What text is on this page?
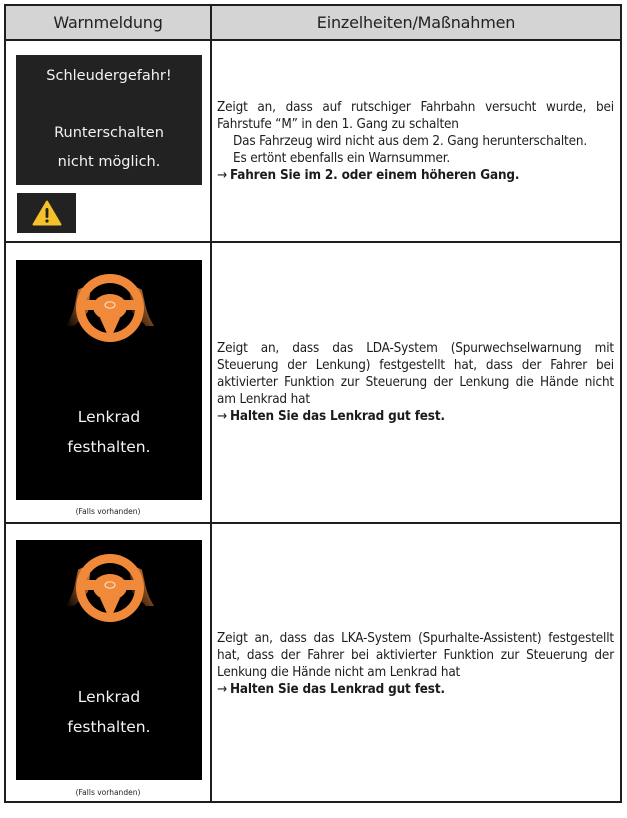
Warnmeldung	Einzelheiten/Maßnahmen
Schleudergefahr!
Runterschalten
nicht möglich.
Zeigt an, dass auf rutschiger Fahrbahn versucht wurde, bei Fahrstufe “M” in den 1. Gang zu schalten
Das Fahrzeug wird nicht aus dem 2. Gang herunterschalten.
Es ertönt ebenfalls ein Warnsummer.
→ Fahren Sie im 2. oder einem höheren Gang.
Lenkrad
festhalten.
(Falls vorhanden)
Zeigt an, dass das LDA-System (Spurwechselwarnung mit Steuerung der Lenkung) festgestellt hat, dass der Fahrer bei aktivierter Funktion zur Steuerung der Lenkung die Hände nicht am Lenkrad hat
→ Halten Sie das Lenkrad gut fest.
Lenkrad
festhalten.
(Falls vorhanden)
Zeigt an, dass das LKA-System (Spurhalte-Assistent) festgestellt hat, dass der Fahrer bei aktivierter Funktion zur Steuerung der Lenkung die Hände nicht am Lenkrad hat
→ Halten Sie das Lenkrad gut fest.
